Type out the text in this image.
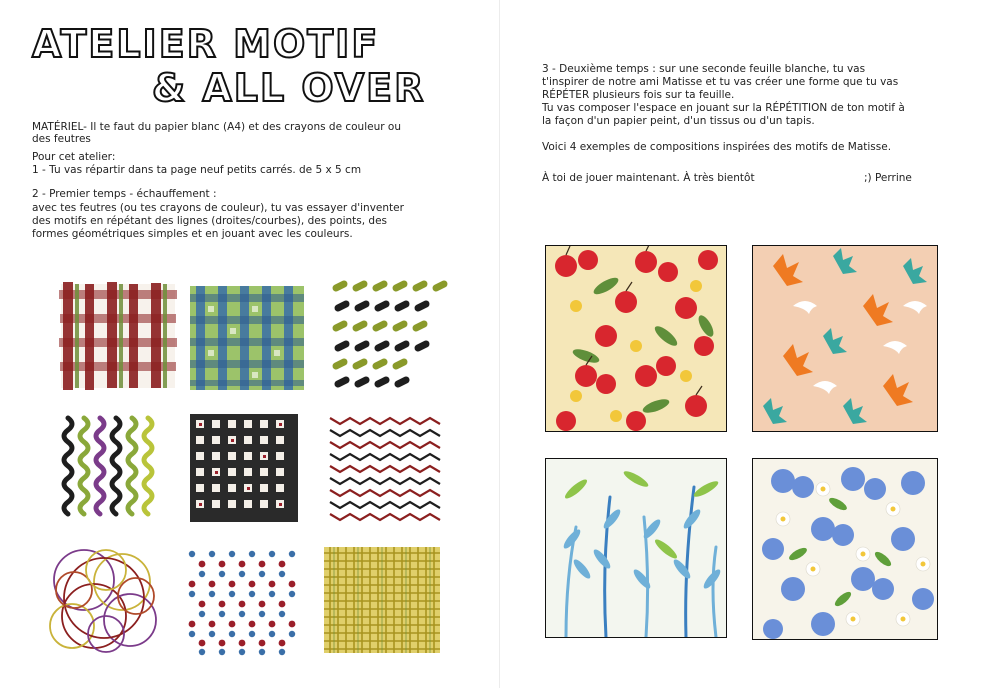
ATELIER MOTIF
& ALL OVER
MATÉRIEL- Il te faut du papier blanc (A4) et des crayons de couleur ou
des feutres
Pour cet atelier:
1 - Tu vas répartir dans ta page neuf petits carrés. de 5 x 5 cm
2 - Premier temps - échauffement :
avec tes feutres (ou tes crayons de couleur), tu vas essayer d'inventer
des motifs en répétant des lignes (droites/courbes), des points, des
formes géométriques simples et en jouant avec les couleurs.
3 - Deuxième temps : sur une seconde feuille blanche, tu vas
t'inspirer de notre ami Matisse et tu vas créer une forme que tu vas
RÉPÉTER plusieurs fois sur ta feuille.
Tu vas composer l'espace en jouant sur la RÉPÉTITION de ton motif à
la façon d'un papier peint, d'un tissus ou d'un tapis.
Voici 4 exemples de compositions inspirées des motifs de Matisse.
À toi de jouer maintenant. À très bientôt	;) Perrine
